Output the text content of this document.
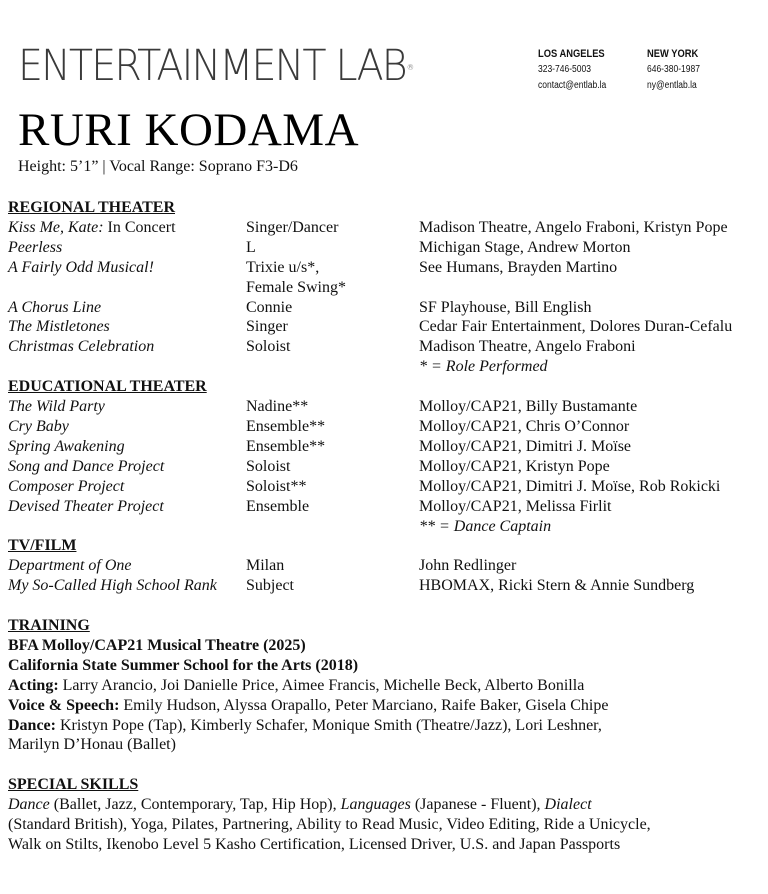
ENTERTAINMENT LAB®
LOS ANGELES
323-746-5003
contact@entlab.la
NEW YORK
646-380-1987
ny@entlab.la
RURI KODAMA
Height: 5’1” | Vocal Range: Soprano F3-D6
REGIONAL THEATER
Kiss Me, Kate: In Concert	Singer/Dancer	Madison Theatre, Angelo Fraboni, Kristyn Pope
Peerless	L	Michigan Stage, Andrew Morton
A Fairly Odd Musical!	Trixie u/s*,	See Humans, Brayden Martino
Female Swing*
A Chorus Line	Connie	SF Playhouse, Bill English
The Mistletones	Singer	Cedar Fair Entertainment, Dolores Duran-Cefalu
Christmas Celebration	Soloist	Madison Theatre, Angelo Fraboni
* = Role Performed
EDUCATIONAL THEATER
The Wild Party	Nadine**	Molloy/CAP21, Billy Bustamante
Cry Baby	Ensemble**	Molloy/CAP21, Chris O’Connor
Spring Awakening	Ensemble**	Molloy/CAP21, Dimitri J. Moïse
Song and Dance Project	Soloist	Molloy/CAP21, Kristyn Pope
Composer Project	Soloist**	Molloy/CAP21, Dimitri J. Moïse, Rob Rokicki
Devised Theater Project	Ensemble	Molloy/CAP21, Melissa Firlit
** = Dance Captain
TV/FILM
Department of One	Milan	John Redlinger
My So-Called High School Rank	Subject	HBOMAX, Ricki Stern & Annie Sundberg
TRAINING
BFA Molloy/CAP21 Musical Theatre (2025)
California State Summer School for the Arts (2018)
Acting: Larry Arancio, Joi Danielle Price, Aimee Francis, Michelle Beck, Alberto Bonilla
Voice & Speech: Emily Hudson, Alyssa Orapallo, Peter Marciano, Raife Baker, Gisela Chipe
Dance: Kristyn Pope (Tap), Kimberly Schafer, Monique Smith (Theatre/Jazz), Lori Leshner,
Marilyn D’Honau (Ballet)
SPECIAL SKILLS
Dance (Ballet, Jazz, Contemporary, Tap, Hip Hop), Languages (Japanese - Fluent), Dialect
(Standard British), Yoga, Pilates, Partnering, Ability to Read Music, Video Editing, Ride a Unicycle,
Walk on Stilts, Ikenobo Level 5 Kasho Certification, Licensed Driver, U.S. and Japan Passports
